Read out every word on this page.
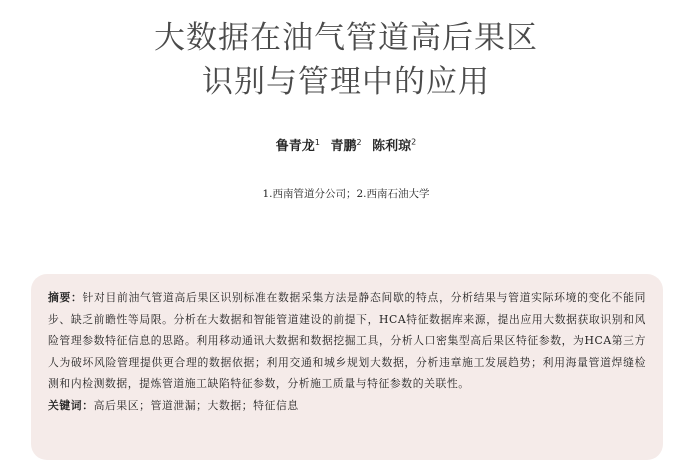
大数据在油气管道高后果区
识别与管理中的应用
鲁青龙$^1$ 青鹏$^2$ 陈利琼$^2$
1.西南管道分公司；2.西南石油大学

摘要：针对目前油气管道高后果区识别标准在数据采集方法是静态间歇的特点，分析结果与管道实际环境的变化不能同步、缺乏前瞻性等局限。分析在大数据和智能管道建设的前提下，HCA特征数据库来源，提出应用大数据获取识别和风险管理参数特征信息的思路。利用移动通讯大数据和数据挖掘工具，分析人口密集型高后果区特征参数，为HCA第三方人为破坏风险管理提供更合理的数据依据；利用交通和城乡规划大数据，分析违章施工发展趋势；利用海量管道焊缝检测和内检测数据，提炼管道施工缺陷特征参数，分析施工质量与特征参数的关联性。

关键词：高后果区；管道泄漏；大数据；特征信息
